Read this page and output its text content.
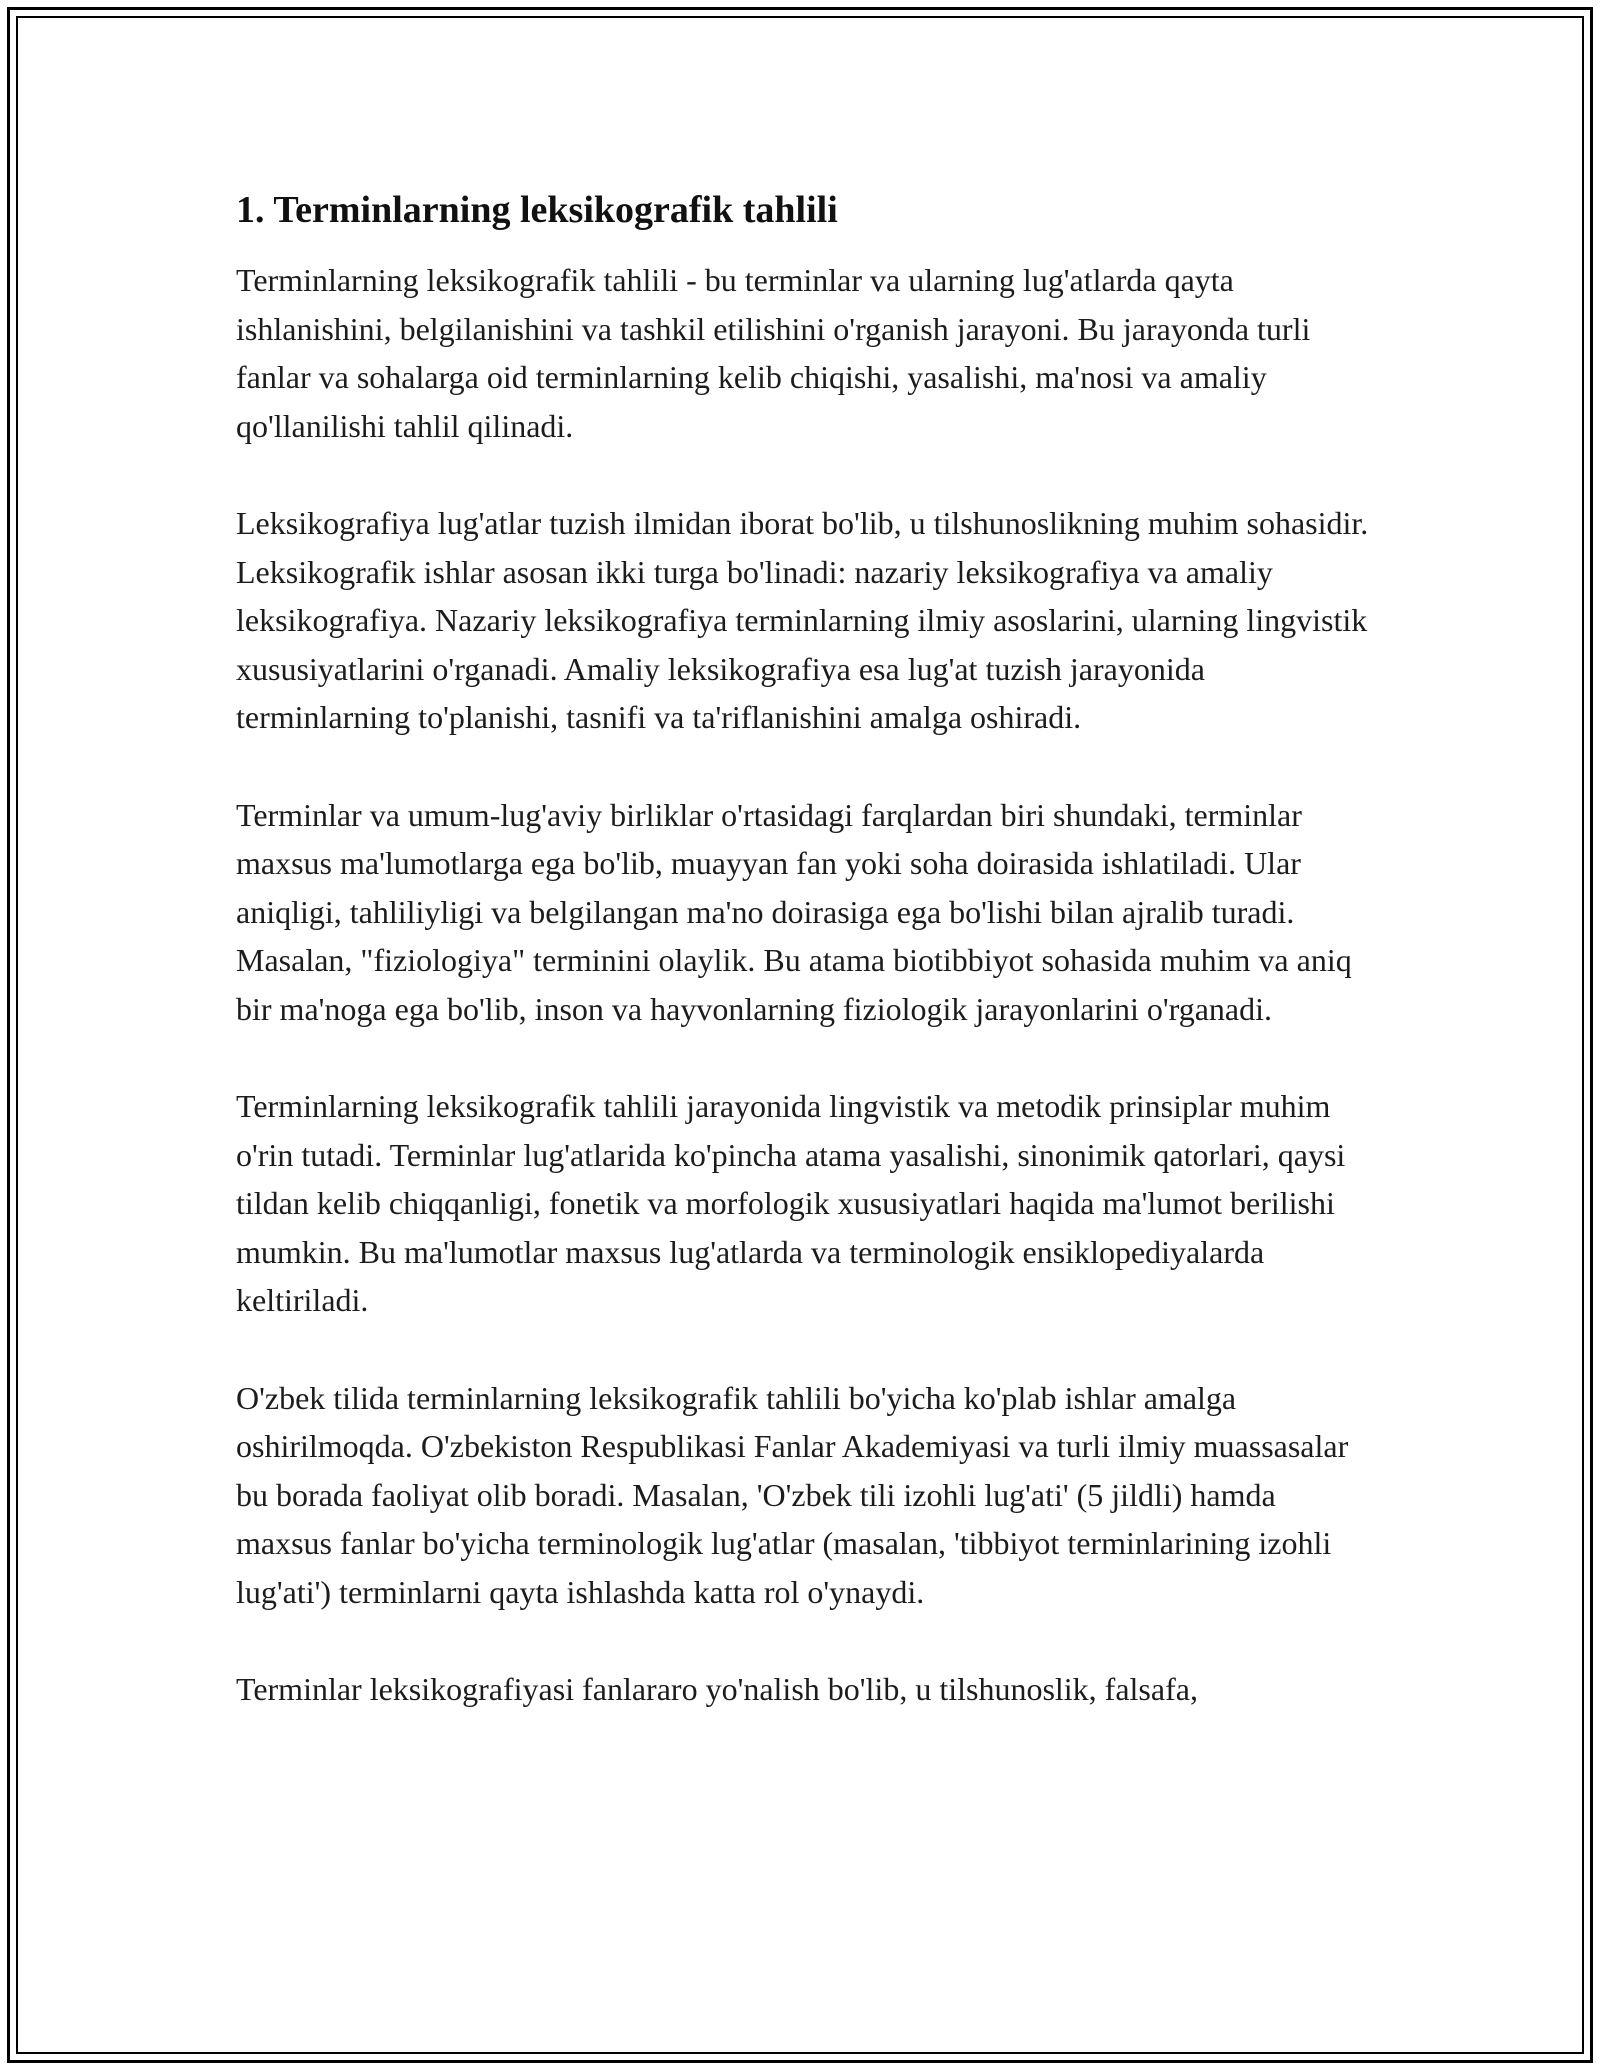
1. Terminlarning leksikografik tahlili

Terminlarning leksikografik tahlili - bu terminlar va ularning lug'atlarda qayta ishlanishini, belgilanishini va tashkil etilishini o'rganish jarayoni. Bu jarayonda turli fanlar va sohalarga oid terminlarning kelib chiqishi, yasalishi, ma'nosi va amaliy qo'llanilishi tahlil qilinadi.

Leksikografiya lug'atlar tuzish ilmidan iborat bo'lib, u tilshunoslikning muhim sohasidir. Leksikografik ishlar asosan ikki turga bo'linadi: nazariy leksikografiya va amaliy leksikografiya. Nazariy leksikografiya terminlarning ilmiy asoslarini, ularning lingvistik xususiyatlarini o'rganadi. Amaliy leksikografiya esa lug'at tuzish jarayonida terminlarning to'planishi, tasnifi va ta'riflanishini amalga oshiradi.

Terminlar va umum-lug'aviy birliklar o'rtasidagi farqlardan biri shundaki, terminlar maxsus ma'lumotlarga ega bo'lib, muayyan fan yoki soha doirasida ishlatiladi. Ular aniqligi, tahliliyligi va belgilangan ma'no doirasiga ega bo'lishi bilan ajralib turadi. Masalan, "fiziologiya" terminini olaylik. Bu atama biotibbiyot sohasida muhim va aniq bir ma'noga ega bo'lib, inson va hayvonlarning fiziologik jarayonlarini o'rganadi.

Terminlarning leksikografik tahlili jarayonida lingvistik va metodik prinsiplar muhim o'rin tutadi. Terminlar lug'atlarida ko'pincha atama yasalishi, sinonimik qatorlari, qaysi tildan kelib chiqqanligi, fonetik va morfologik xususiyatlari haqida ma'lumot berilishi mumkin. Bu ma'lumotlar maxsus lug'atlarda va terminologik ensiklopediyalarda keltiriladi.

O'zbek tilida terminlarning leksikografik tahlili bo'yicha ko'plab ishlar amalga oshirilmoqda. O'zbekiston Respublikasi Fanlar Akademiyasi va turli ilmiy muassasalar bu borada faoliyat olib boradi. Masalan, 'O'zbek tili izohli lug'ati' (5 jildli) hamda maxsus fanlar bo'yicha terminologik lug'atlar (masalan, 'tibbiyot terminlarining izohli lug'ati') terminlarni qayta ishlashda katta rol o'ynaydi.

Terminlar leksikografiyasi fanlararo yo'nalish bo'lib, u tilshunoslik, falsafa,
